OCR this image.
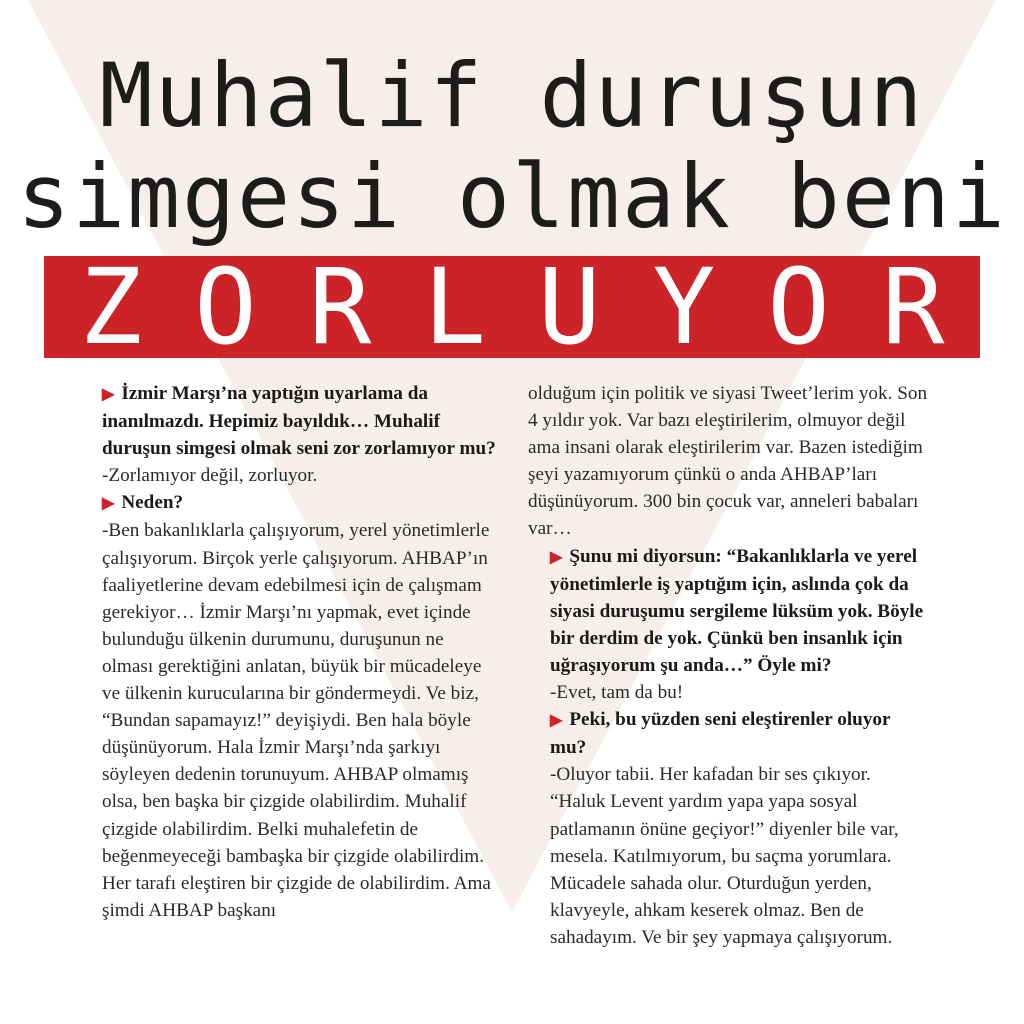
Muhalif duruşun
simgesi olmak beni
ZORLUYOR

▶ İzmir Marşı’na yaptığın uyarlama da inanılmazdı. Hepimiz bayıldık… Muhalif duruşun simgesi olmak seni zor zorlamıyor mu?

-Zorlamıyor değil, zorluyor.

▶ Neden?

-Ben bakanlıklarla çalışıyorum, yerel yönetimlerle çalışıyorum. Birçok yerle çalışıyorum. AHBAP’ın faaliyetlerine devam edebilmesi için de çalışmam gerekiyor… İzmir Marşı’nı yapmak, evet içinde bulunduğu ülkenin durumunu, duruşunun ne olması gerektiğini anlatan, büyük bir mücadeleye ve ülkenin kurucularına bir göndermeydi. Ve biz, “Bundan sapamayız!” deyişiydi. Ben hala böyle düşünüyorum. Hala İzmir Marşı’nda şarkıyı söyleyen dedenin torunuyum. AHBAP olmamış olsa, ben başka bir çizgide olabilirdim. Muhalif çizgide olabilirdim. Belki muhalefetin de beğenmeyeceği bambaşka bir çizgide olabilirdim. Her tarafı eleştiren bir çizgide de olabilirdim. Ama şimdi AHBAP başkanı

olduğum için politik ve siyasi Tweet’lerim yok. Son 4 yıldır yok. Var bazı eleştirilerim, olmuyor değil ama insani olarak eleştirilerim var. Bazen istediğim şeyi yazamıyorum çünkü o anda AHBAP’ları düşünüyorum. 300 bin çocuk var, anneleri babaları var…

▶ Şunu mi diyorsun: “Bakanlıklarla ve yerel yönetimlerle iş yaptığım için, aslında çok da siyasi duruşumu sergileme lüksüm yok. Böyle bir derdim de yok. Çünkü ben insanlık için uğraşıyorum şu anda…” Öyle mi?

-Evet, tam da bu!

▶ Peki, bu yüzden seni eleştirenler oluyor mu?

-Oluyor tabii. Her kafadan bir ses çıkıyor. “Haluk Levent yardım yapa yapa sosyal patlamanın önüne geçiyor!” diyenler bile var, mesela. Katılmıyorum, bu saçma yorumlara. Mücadele sahada olur. Oturduğun yerden, klavyeyle, ahkam keserek olmaz. Ben de sahadayım. Ve bir şey yapmaya çalışıyorum.
